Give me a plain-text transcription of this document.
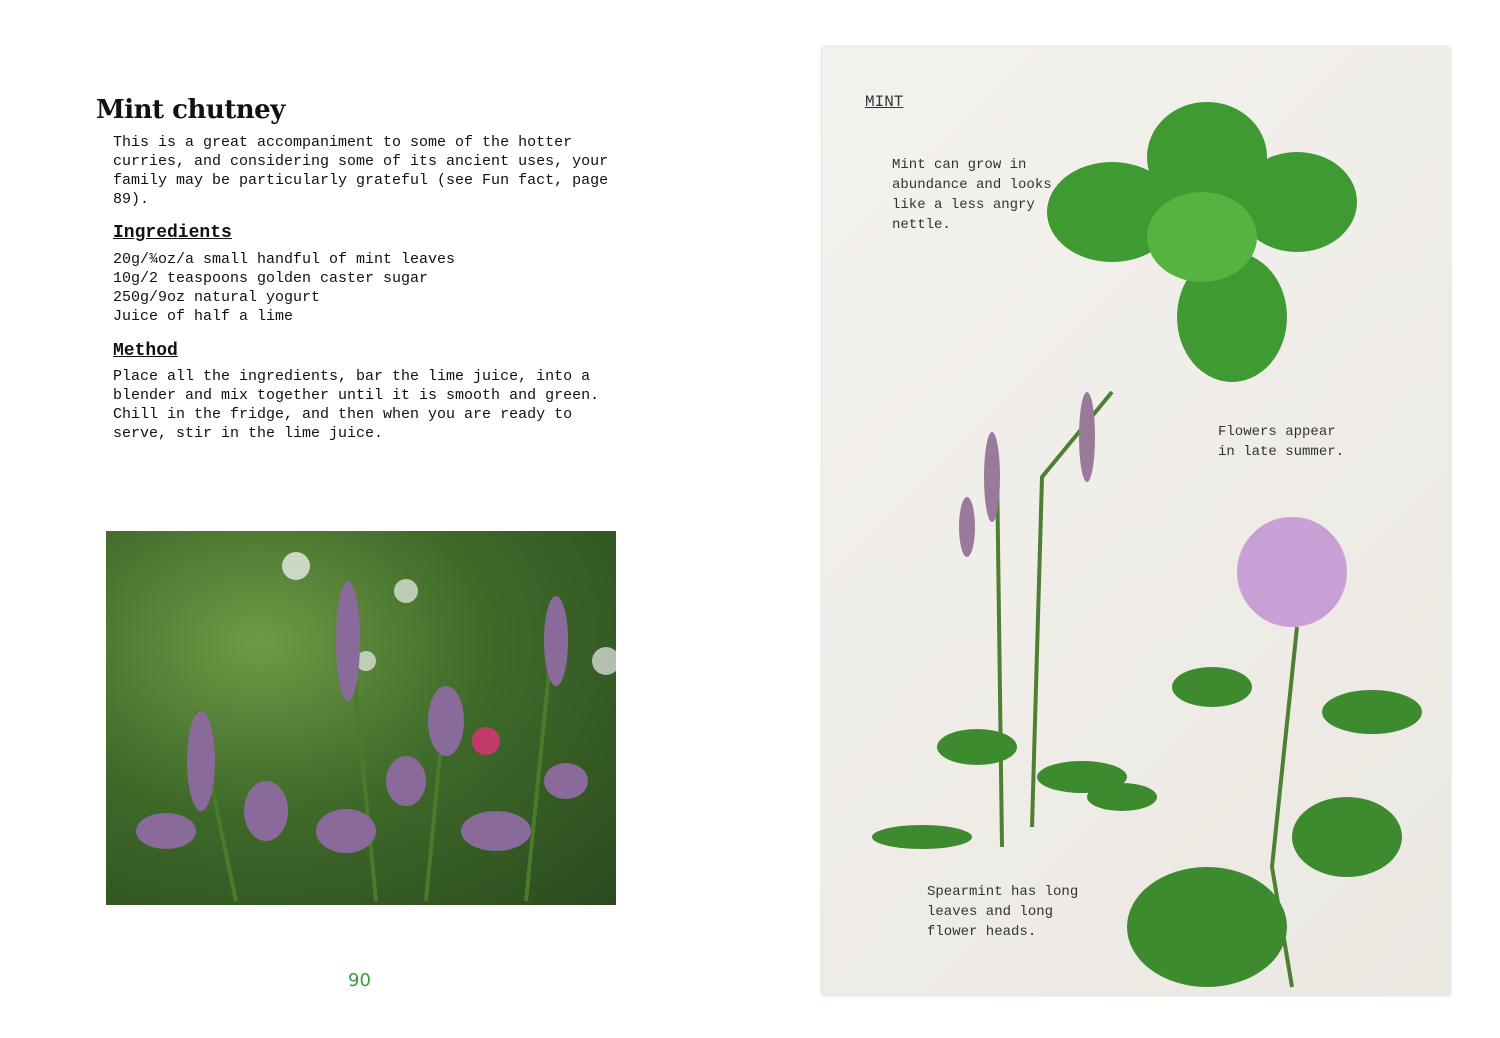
Mint chutney
This is a great accompaniment to some of the hotter
curries, and considering some of its ancient uses, your
family may be particularly grateful (see Fun fact, page
89).
Ingredients
20g/¾oz/a small handful of mint leaves
10g/2 teaspoons golden caster sugar
250g/9oz natural yogurt
Juice of half a lime
Method
Place all the ingredients, bar the lime juice, into a
blender and mix together until it is smooth and green.
Chill in the fridge, and then when you are ready to
serve, stir in the lime juice.
90
MINT
Mint can grow in
abundance and looks
like a less angry
nettle.
Flowers appear
in late summer.
Spearmint has long
leaves and long
flower heads.
